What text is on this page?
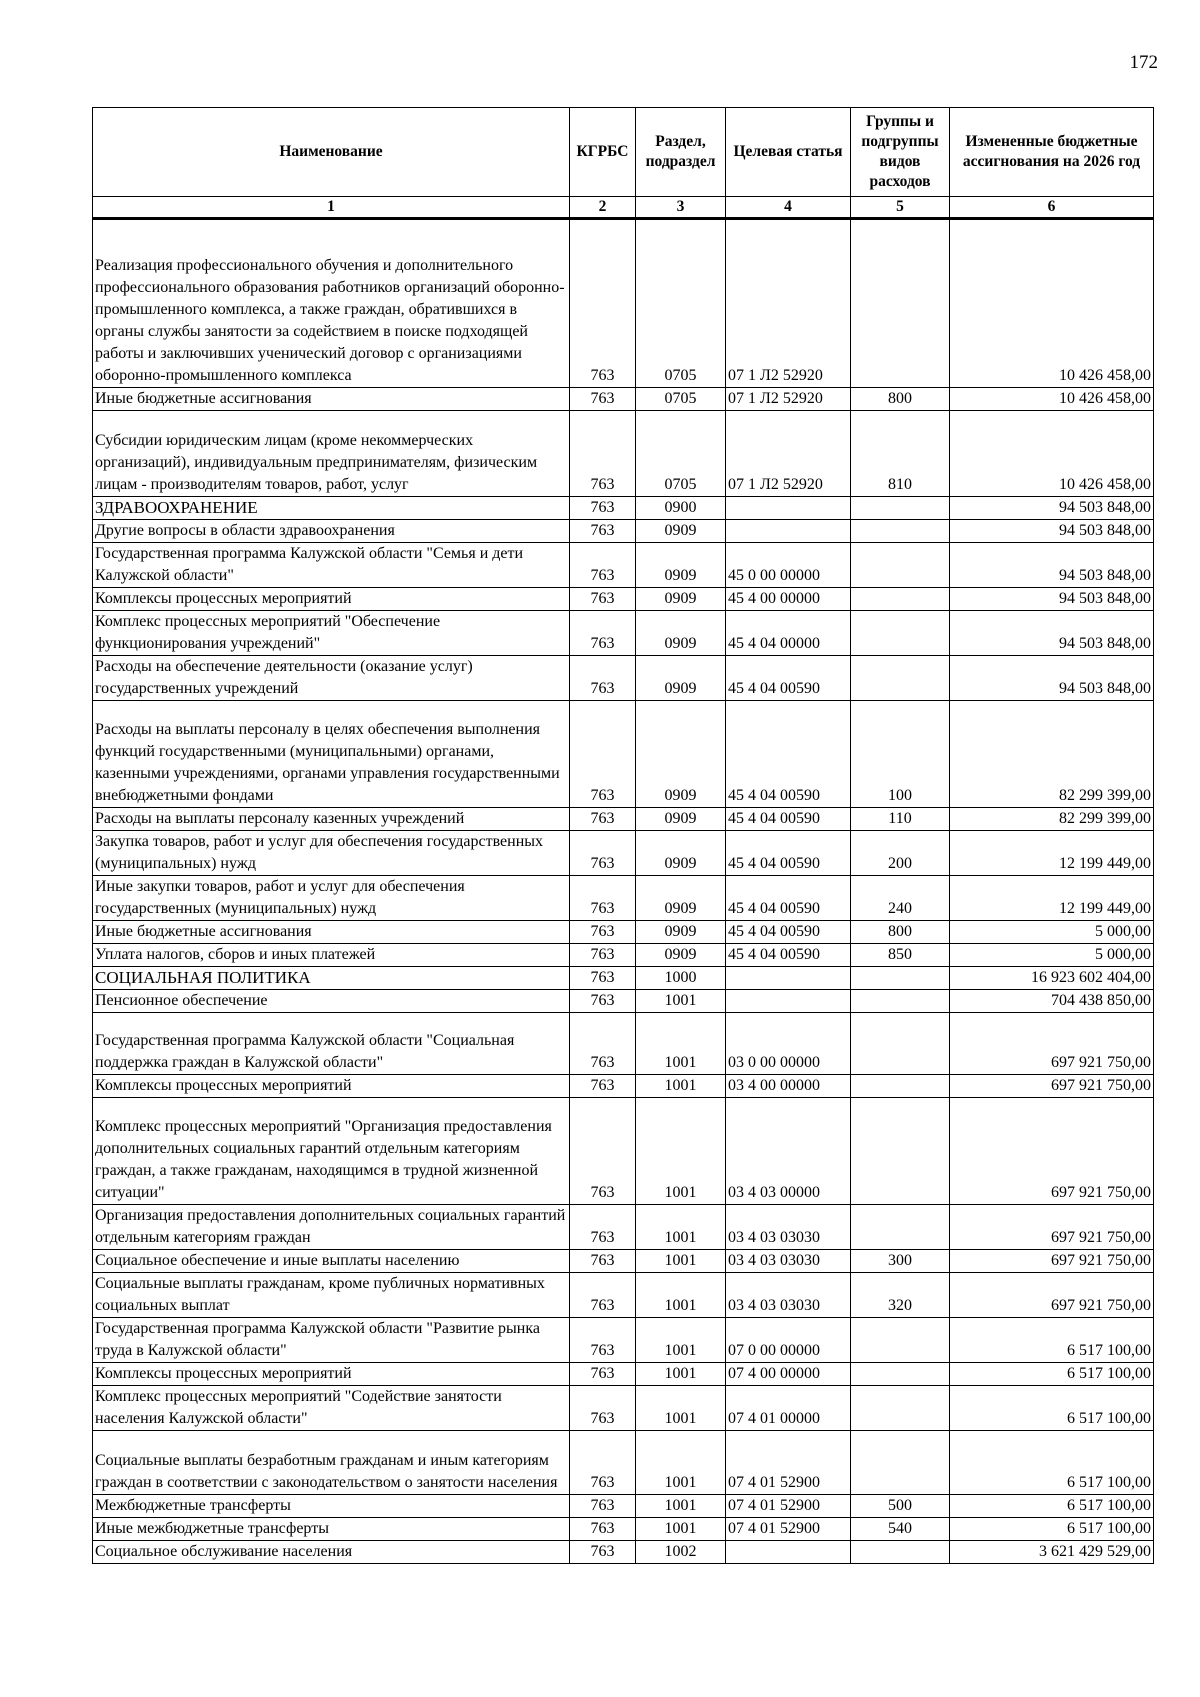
172
Наименование	КГРБС	Раздел, подраздел	Целевая статья	Группы и подгруппы видов расходов	Измененные бюджетные ассигнования на 2026 год
1	2	3	4	5	6
Реализация профессионального обучения и дополнительного профессионального образования работников организаций оборонно-промышленного комплекса, а также граждан, обратившихся в органы службы занятости за содействием в поиске подходящей работы и заключивших ученический договор с организациями оборонно-промышленного комплекса	763	0705	07 1 Л2 52920		10 426 458,00
Иные бюджетные ассигнования	763	0705	07 1 Л2 52920	800	10 426 458,00
Субсидии юридическим лицам (кроме некоммерческих организаций), индивидуальным предпринимателям, физическим лицам - производителям товаров, работ, услуг	763	0705	07 1 Л2 52920	810	10 426 458,00
ЗДРАВООХРАНЕНИЕ	763	0900			94 503 848,00
Другие вопросы в области здравоохранения	763	0909			94 503 848,00
Государственная программа Калужской области "Семья и дети Калужской области"	763	0909	45 0 00 00000		94 503 848,00
Комплексы процессных мероприятий	763	0909	45 4 00 00000		94 503 848,00
Комплекс процессных мероприятий "Обеспечение функционирования учреждений"	763	0909	45 4 04 00000		94 503 848,00
Расходы на обеспечение деятельности (оказание услуг) государственных учреждений	763	0909	45 4 04 00590		94 503 848,00
Расходы на выплаты персоналу в целях обеспечения выполнения функций государственными (муниципальными) органами, казенными учреждениями, органами управления государственными внебюджетными фондами	763	0909	45 4 04 00590	100	82 299 399,00
Расходы на выплаты персоналу казенных учреждений	763	0909	45 4 04 00590	110	82 299 399,00
Закупка товаров, работ и услуг для обеспечения государственных (муниципальных) нужд	763	0909	45 4 04 00590	200	12 199 449,00
Иные закупки товаров, работ и услуг для обеспечения государственных (муниципальных) нужд	763	0909	45 4 04 00590	240	12 199 449,00
Иные бюджетные ассигнования	763	0909	45 4 04 00590	800	5 000,00
Уплата налогов, сборов и иных платежей	763	0909	45 4 04 00590	850	5 000,00
СОЦИАЛЬНАЯ ПОЛИТИКА	763	1000			16 923 602 404,00
Пенсионное обеспечение	763	1001			704 438 850,00
Государственная программа Калужской области "Социальная поддержка граждан в Калужской области"	763	1001	03 0 00 00000		697 921 750,00
Комплексы процессных мероприятий	763	1001	03 4 00 00000		697 921 750,00
Комплекс процессных мероприятий "Организация предоставления дополнительных социальных гарантий отдельным категориям граждан, а также гражданам, находящимся в трудной жизненной ситуации"	763	1001	03 4 03 00000		697 921 750,00
Организация предоставления дополнительных социальных гарантий отдельным категориям граждан	763	1001	03 4 03 03030		697 921 750,00
Социальное обеспечение и иные выплаты населению	763	1001	03 4 03 03030	300	697 921 750,00
Социальные выплаты гражданам, кроме публичных нормативных социальных выплат	763	1001	03 4 03 03030	320	697 921 750,00
Государственная программа Калужской области "Развитие рынка труда в Калужской области"	763	1001	07 0 00 00000		6 517 100,00
Комплексы процессных мероприятий	763	1001	07 4 00 00000		6 517 100,00
Комплекс процессных мероприятий "Содействие занятости населения Калужской области"	763	1001	07 4 01 00000		6 517 100,00
Социальные выплаты безработным гражданам и иным категориям граждан в соответствии с законодательством о занятости населения	763	1001	07 4 01 52900		6 517 100,00
Межбюджетные трансферты	763	1001	07 4 01 52900	500	6 517 100,00
Иные межбюджетные трансферты	763	1001	07 4 01 52900	540	6 517 100,00
Социальное обслуживание населения	763	1002			3 621 429 529,00
